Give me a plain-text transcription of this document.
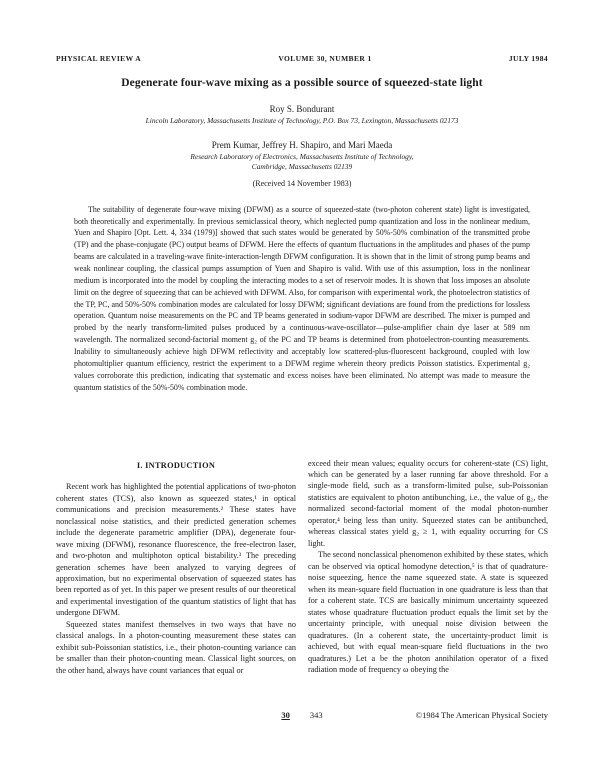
PHYSICAL REVIEW A	VOLUME 30, NUMBER 1	JULY 1984
Degenerate four-wave mixing as a possible source of squeezed-state light
Roy S. Bondurant
Lincoln Laboratory, Massachusetts Institute of Technology, P.O. Box 73, Lexington, Massachusetts 02173
Prem Kumar, Jeffrey H. Shapiro, and Mari Maeda
Research Laboratory of Electronics, Massachusetts Institute of Technology,
Cambridge, Massachusetts 02139
(Received 14 November 1983)

The suitability of degenerate four-wave mixing (DFWM) as a source of squeezed-state (two-photon coherent state) light is investigated, both theoretically and experimentally. In previous semiclassical theory, which neglected pump quantization and loss in the nonlinear medium, Yuen and Shapiro [Opt. Lett. 4, 334 (1979)] showed that such states would be generated by 50%-50% combination of the transmitted probe (TP) and the phase-conjugate (PC) output beams of DFWM. Here the effects of quantum fluctuations in the amplitudes and phases of the pump beams are calculated in a traveling-wave finite-interaction-length DFWM configuration. It is shown that in the limit of strong pump beams and weak nonlinear coupling, the classical pumps assumption of Yuen and Shapiro is valid. With use of this assumption, loss in the nonlinear medium is incorporated into the model by coupling the interacting modes to a set of reservoir modes. It is shown that loss imposes an absolute limit on the degree of squeezing that can be achieved with DFWM. Also, for comparison with experimental work, the photoelectron statistics of the TP, PC, and 50%-50% combination modes are calculated for lossy DFWM; significant deviations are found from the predictions for lossless operation. Quantum noise measurements on the PC and TP beams generated in sodium-vapor DFWM are described. The mixer is pumped and probed by the nearly transform-limited pulses produced by a continuous-wave-oscillator—pulse-amplifier chain dye laser at 589 nm wavelength. The normalized second-factorial moment g₂ of the PC and TP beams is determined from photoelectron-counting measurements. Inability to simultaneously achieve high DFWM reflectivity and acceptably low scattered-plus-fluorescent background, coupled with low photomultiplier quantum efficiency, restrict the experiment to a DFWM regime wherein theory predicts Poisson statistics. Experimental g₂ values corroborate this prediction, indicating that systematic and excess noises have been eliminated. No attempt was made to measure the quantum statistics of the 50%-50% combination mode.

I. INTRODUCTION

Recent work has highlighted the potential applications of two-photon coherent states (TCS), also known as squeezed states,¹ in optical communications and precision measurements.² These states have nonclassical noise statistics, and their predicted generation schemes include the degenerate parametric amplifier (DPA), degenerate four-wave mixing (DFWM), resonance fluorescence, the free-electron laser, and two-photon and multiphoton optical bistability.³ The preceding generation schemes have been analyzed to varying degrees of approximation, but no experimental observation of squeezed states has been reported as of yet. In this paper we present results of our theoretical and experimental investigation of the quantum statistics of light that has undergone DFWM.

Squeezed states manifest themselves in two ways that have no classical analogs. In a photon-counting measurement these states can exhibit sub-Poissonian statistics, i.e., their photon-counting variance can be smaller than their photon-counting mean. Classical light sources, on the other hand, always have count variances that equal or

exceed their mean values; equality occurs for coherent-state (CS) light, which can be generated by a laser running far above threshold. For a single-mode field, such as a transform-limited pulse, sub-Poissonian statistics are equivalent to photon antibunching, i.e., the value of g₂, the normalized second-factorial moment of the modal photon-number operator,⁴ being less than unity. Squeezed states can be antibunched, whereas classical states yield g₂ ≥ 1, with equality occurring for CS light.

The second nonclassical phenomenon exhibited by these states, which can be observed via optical homodyne detection,⁵ is that of quadrature-noise squeezing, hence the name squeezed state. A state is squeezed when its mean-square field fluctuation in one quadrature is less than that for a coherent state. TCS are basically minimum uncertainty squeezed states whose quadrature fluctuation product equals the limit set by the uncertainty principle, with unequal noise division between the quadratures. (In a coherent state, the uncertainty-product limit is achieved, but with equal mean-square field fluctuations in the two quadratures.) Let a be the photon annihilation operator of a fixed radiation mode of frequency ω obeying the

30 343	©1984 The American Physical Society
